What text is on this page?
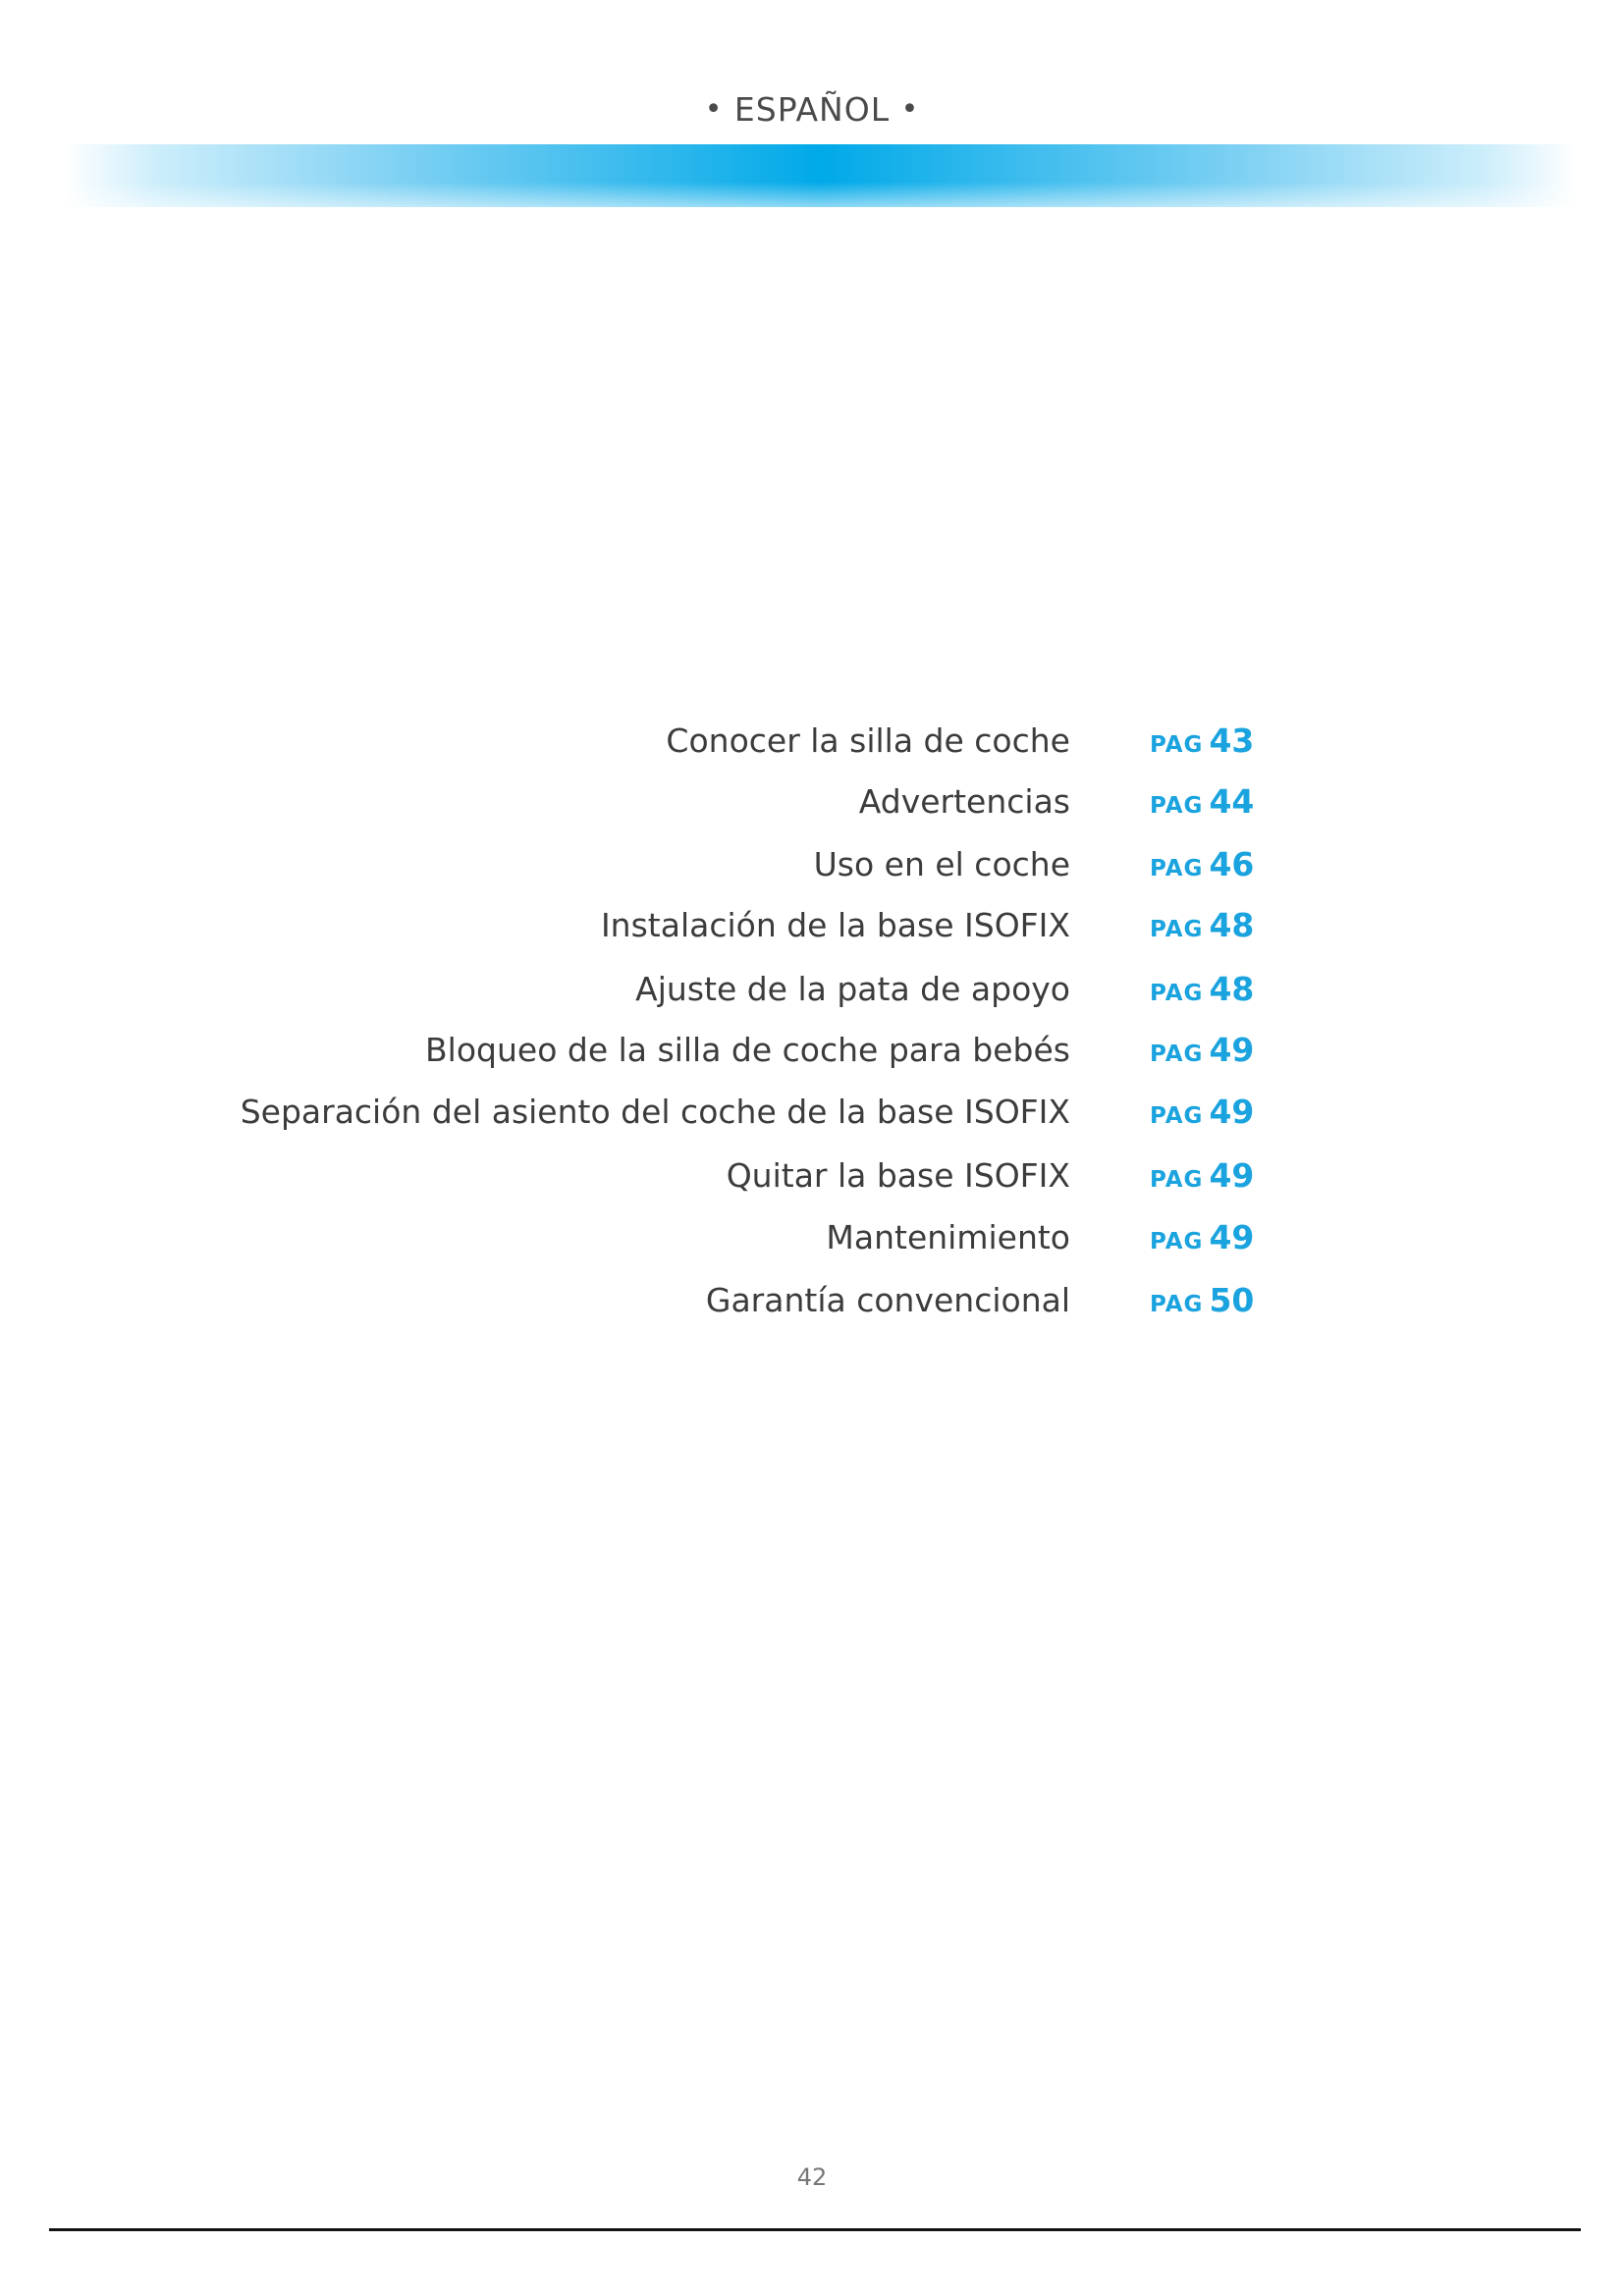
• ESPAÑOL •
Conocer la silla de coche	PAG 43
Advertencias	PAG 44
Uso en el coche	PAG 46
Instalación de la base ISOFIX	PAG 48
Ajuste de la pata de apoyo	PAG 48
Bloqueo de la silla de coche para bebés	PAG 49
Separación del asiento del coche de la base ISOFIX	PAG 49
Quitar la base ISOFIX	PAG 49
Mantenimiento	PAG 49
Garantía convencional	PAG 50
42
